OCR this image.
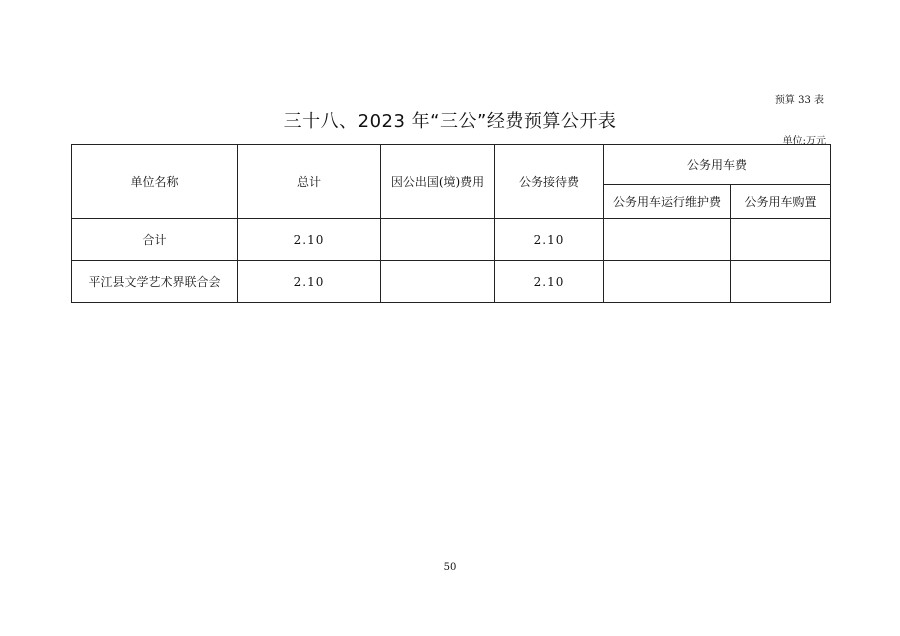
预算 33 表
三十八、2023 年“三公”经费预算公开表
单位:万元
单位名称	总计	因公出国(境)费用	公务接待费	公务用车费	
				公务用车运行维护费	公务用车购置
合计	2.10		2.10		
平江县文学艺术界联合会	2.10		2.10		
50
